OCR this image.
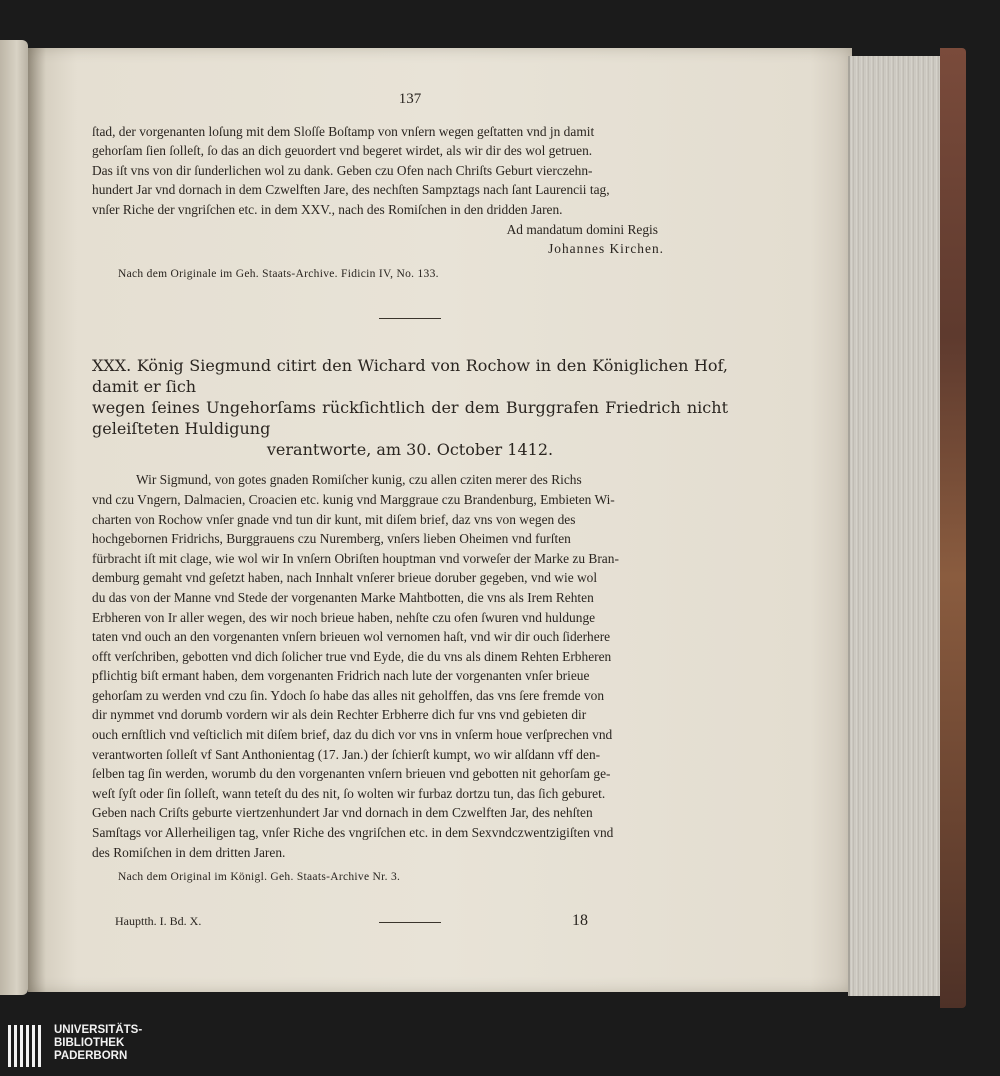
137

ſtad, der vorgenanten loſung mit dem Sloſſe Boſtamp von vnſern wegen geſtatten vnd jn damit

gehorſam ſien ſolleſt, ſo das an dich geuordert vnd begeret wirdet, als wir dir des wol getruen.

Das iſt vns von dir ſunderlichen wol zu dank. Geben czu Ofen nach Chriſts Geburt vierczehn-

hundert Jar vnd dornach in dem Czwelften Jare, des nechſten Sampztags nach ſant Laurencii tag,

vnſer Riche der vngriſchen etc. in dem XXV., nach des Romiſchen in den dridden Jaren.

Ad mandatum domini Regis

Johannes Kirchen.

Nach dem Originale im Geh. Staats-Archive. Fidicin IV, No. 133.

XXX. König Siegmund citirt den Wichard von Rochow in den Königlichen Hof, damit er ſich
wegen ſeines Ungehorſams rückſichtlich der dem Burggrafen Friedrich nicht geleiſteten Huldigung
verantworte, am 30. October 1412.

Wir Sigmund, von gotes gnaden Romiſcher kunig, czu allen cziten merer des Richs

vnd czu Vngern, Dalmacien, Croacien etc. kunig vnd Marggraue czu Brandenburg, Embieten Wi-

charten von Rochow vnſer gnade vnd tun dir kunt, mit diſem brief, daz vns von wegen des

hochgebornen Fridrichs, Burggrauens czu Nuremberg, vnſers lieben Oheimen vnd furſten

fürbracht iſt mit clage, wie wol wir In vnſern Obriſten houptman vnd vorweſer der Marke zu Bran-

demburg gemaht vnd geſetzt haben, nach Innhalt vnſerer brieue doruber gegeben, vnd wie wol

du das von der Manne vnd Stede der vorgenanten Marke Mahtbotten, die vns als Irem Rehten

Erbheren von Ir aller wegen, des wir noch brieue haben, nehſte czu ofen ſwuren vnd huldunge

taten vnd ouch an den vorgenanten vnſern brieuen wol vernomen haſt, vnd wir dir ouch ſiderhere

offt verſchriben, gebotten vnd dich ſolicher true vnd Eyde, die du vns als dinem Rehten Erbheren

pflichtig biſt ermant haben, dem vorgenanten Fridrich nach lute der vorgenanten vnſer brieue

gehorſam zu werden vnd czu ſin. Ydoch ſo habe das alles nit geholffen, das vns ſere fremde von

dir nymmet vnd dorumb vordern wir als dein Rechter Erbherre dich fur vns vnd gebieten dir

ouch ernſtlich vnd veſticlich mit diſem brief, daz du dich vor vns in vnſerm houe verſprechen vnd

verantworten ſolleſt vf Sant Anthonientag (17. Jan.) der ſchierſt kumpt, wo wir alſdann vff den-

ſelben tag ſin werden, worumb du den vorgenanten vnſern brieuen vnd gebotten nit gehorſam ge-

weſt ſyſt oder ſin ſolleſt, wann teteſt du des nit, ſo wolten wir furbaz dortzu tun, das ſich geburet.

Geben nach Criſts geburte viertzenhundert Jar vnd dornach in dem Czwelften Jar, des nehſten

Samſtags vor Allerheiligen tag, vnſer Riche des vngriſchen etc. in dem Sexvndczwentzigiſten vnd

des Romiſchen in dem dritten Jaren.

Nach dem Original im Königl. Geh. Staats-Archive Nr. 3.

Hauptth. I. Bd. X.	18
UNIVERSITÄTS-
BIBLIOTHEK
PADERBORN
